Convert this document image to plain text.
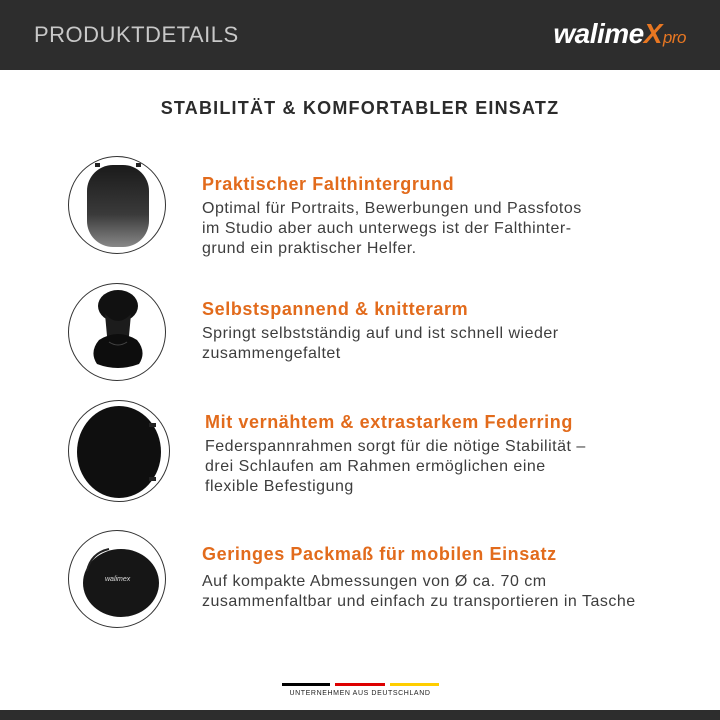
PRODUKTDETAILS	walimeXpro
STABILITÄT & KOMFORTABLER EINSATZ
Praktischer Falthintergrund
Optimal für Portraits, Bewerbungen und Passfotos
im Studio aber auch unterwegs ist der Falthinter-
grund ein praktischer Helfer.
Selbstspannend & knitterarm
Springt selbstständig auf und ist schnell wieder
zusammengefaltet
Mit vernähtem & extrastarkem Federring
Federspannrahmen sorgt für die nötige Stabilität –
drei Schlaufen am Rahmen ermöglichen eine
flexible Befestigung
walimex
Geringes Packmaß für mobilen Einsatz
Auf kompakte Abmessungen von Ø ca. 70 cm
zusammenfaltbar und einfach zu transportieren in Tasche
UNTERNEHMEN AUS DEUTSCHLAND
